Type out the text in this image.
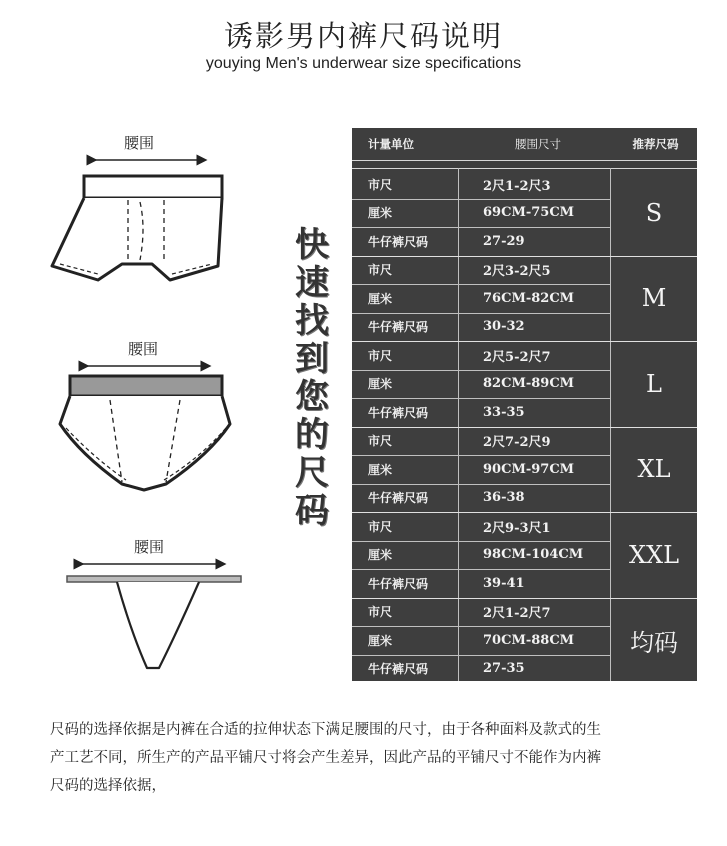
诱影男内裤尺码说明
youying Men's underwear size specifications
腰围
腰围
腰围
快
速
找
到
您
的
尺
码
计量单位	腰围尺寸	推荐尺码
市尺	2尺1-2尺3
厘米	69CM-75CM
牛仔裤尺码	27-29
S
市尺	2尺3-2尺5
厘米	76CM-82CM
牛仔裤尺码	30-32
M
市尺	2尺5-2尺7
厘米	82CM-89CM
牛仔裤尺码	33-35
L
市尺	2尺7-2尺9
厘米	90CM-97CM
牛仔裤尺码	36-38
XL
市尺	2尺9-3尺1
厘米	98CM-104CM
牛仔裤尺码	39-41
XXL
市尺	2尺1-2尺7
厘米	70CM-88CM
牛仔裤尺码	27-35
均码
尺码的选择依据是内裤在合适的拉伸状态下满足腰围的尺寸，由于各种面料及款式的生
产工艺不同，所生产的产品平铺尺寸将会产生差异，因此产品的平铺尺寸不能作为内裤
尺码的选择依据，
